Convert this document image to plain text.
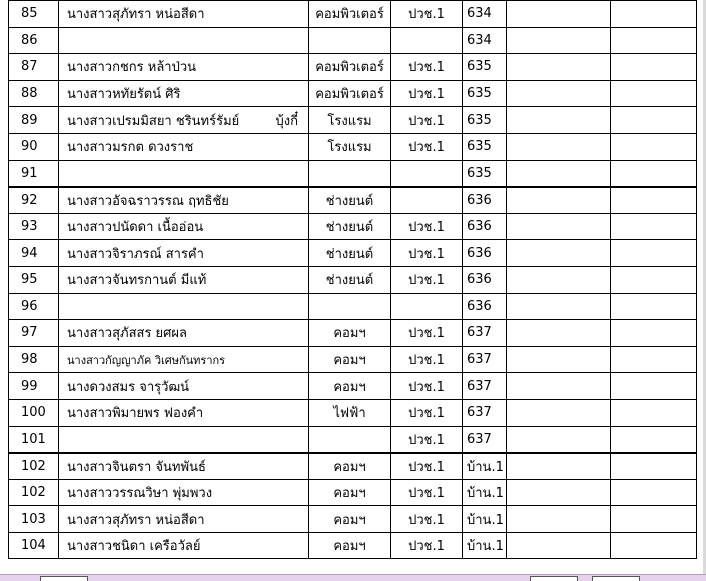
85	นางสาวสุภัทรา หน่อสีดา	คอมพิวเตอร์	ปวช.1	634		
86				634		
87	นางสาวกชกร หล้าป่วน	คอมพิวเตอร์	ปวช.1	635		
88	นางสาวหทัยรัตน์ ศิริ	คอมพิวเตอร์	ปวช.1	635		
89	นางสาวเปรมมิสยา ชรินทร์รัมย์ บุ้งกี๋	โรงแรม	ปวช.1	635		
90	นางสาวมรกต ดวงราช	โรงแรม	ปวช.1	635		
91				635		
92	นางสาวอัจฉราวรรณ ฤทธิชัย	ช่างยนต์		636		
93	นางสาวปนัดดา เนื้ออ่อน	ช่างยนต์	ปวช.1	636		
94	นางสาวจิราภรณ์ สารคำ	ช่างยนต์	ปวช.1	636		
95	นางสาวจันทรกานต์ มีแท้	ช่างยนต์	ปวช.1	636		
96				636		
97	นางสาวสุภัสสร ยศผล	คอมฯ	ปวช.1	637		
98	นางสาวกัญญาภัค วิเศษกันทรากร	คอมฯ	ปวช.1	637		
99	นางดวงสมร จารุวัฒน์	คอมฯ	ปวช.1	637		
100	นางสาวพิมายพร ฟองคำ	ไฟฟ้า	ปวช.1	637		
101			ปวช.1	637		
102	นางสาวจินตรา จันทพันธ์	คอมฯ	ปวช.1	บ้าน.1		
102	นางสาววรรณวิษา พุ่มพวง	คอมฯ	ปวช.1	บ้าน.1		
103	นางสาวสุภัทรา หน่อสีดา	คอมฯ	ปวช.1	บ้าน.1		
104	นางสาวชนิดา เครือวัลย์	คอมฯ	ปวช.1	บ้าน.1		
